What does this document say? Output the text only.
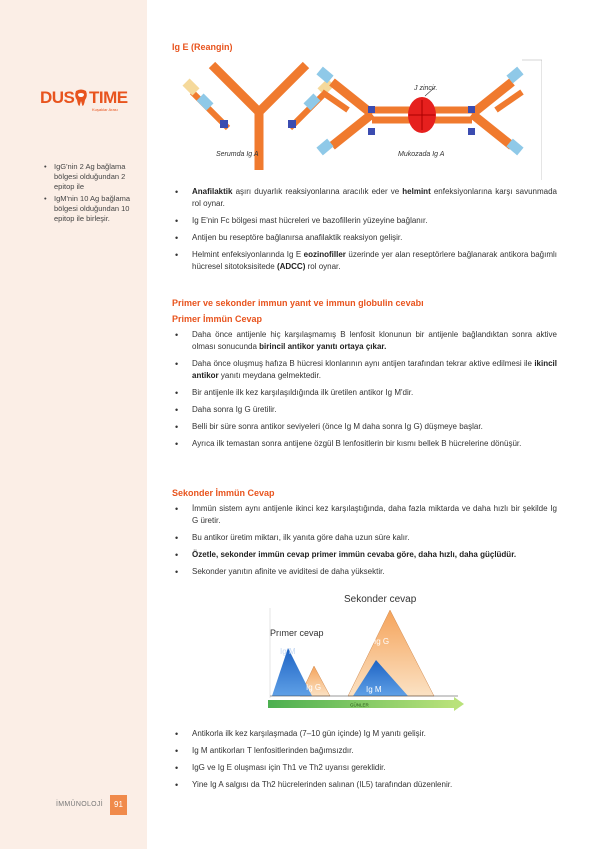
DUS TIME
Kuşaklar Arası
• IgG'nin 2 Ag bağlama bölgesi olduğundan 2 epitop ile
• IgM'nin 10 Ag bağlama bölgesi olduğundan 10 epitop ile birleşir.
İMMÜNOLOJİ	91
Ig E (Reangin)
Serumda Ig A
J zincir.
Mukozada Ig A
• Anafilaktik aşırı duyarlık reaksiyonlarına aracılık eder ve helmint enfeksiyonlarına karşı savunmada rol oynar.
• Ig E'nin Fc bölgesi mast hücreleri ve bazofillerin yüzeyine bağlanır.
• Antijen bu reseptöre bağlanırsa anafilaktik reaksiyon gelişir.
• Helmint enfeksiyonlarında Ig E eozinofiller üzerinde yer alan reseptörlere bağlanarak antikora bağımlı hücresel sitotoksisitede (ADCC) rol oynar.
Primer ve sekonder immun yanıt ve immun globulin cevabı
Primer İmmün Cevap
• Daha önce antijenle hiç karşılaşmamış B lenfosit klonunun bir antijenle bağlandıktan sonra aktive olması sonucunda birincil antikor yanıtı ortaya çıkar.
• Daha önce oluşmuş hafıza B hücresi klonlarının aynı antijen tarafından tekrar aktive edilmesi ile ikincil antikor yanıtı meydana gelmektedir.
• Bir antijenle ilk kez karşılaşıldığında ilk üretilen antikor Ig M'dir.
• Daha sonra Ig G üretilir.
• Belli bir süre sonra antikor seviyeleri (önce Ig M daha sonra Ig G) düşmeye başlar.
• Ayrıca ilk temastan sonra antijene özgül B lenfositlerin bir kısmı bellek B hücrelerine dönüşür.
Sekonder İmmün Cevap
• İmmün sistem aynı antijenle ikinci kez karşılaştığında, daha fazla miktarda ve daha hızlı bir şekilde Ig G üretir.
• Bu antikor üretim miktarı, ilk yanıta göre daha uzun süre kalır.
• Özetle, sekonder immün cevap primer immün cevaba göre, daha hızlı, daha güçlüdür.
• Sekonder yanıtın afinite ve aviditesi de daha yüksektir.
Sekonder cevap
Prımer cevap
Ig M
Ig G
Ig G
Ig M
GÜNLER
• Antikorla ilk kez karşılaşmada (7–10 gün içinde) Ig M yanıtı gelişir.
• Ig M antikorları T lenfositlerinden bağımsızdır.
• IgG ve Ig E oluşması için Th1 ve Th2 uyarısı gereklidir.
• Yine Ig A salgısı da Th2 hücrelerinden salınan (IL5) tarafından düzenlenir.
